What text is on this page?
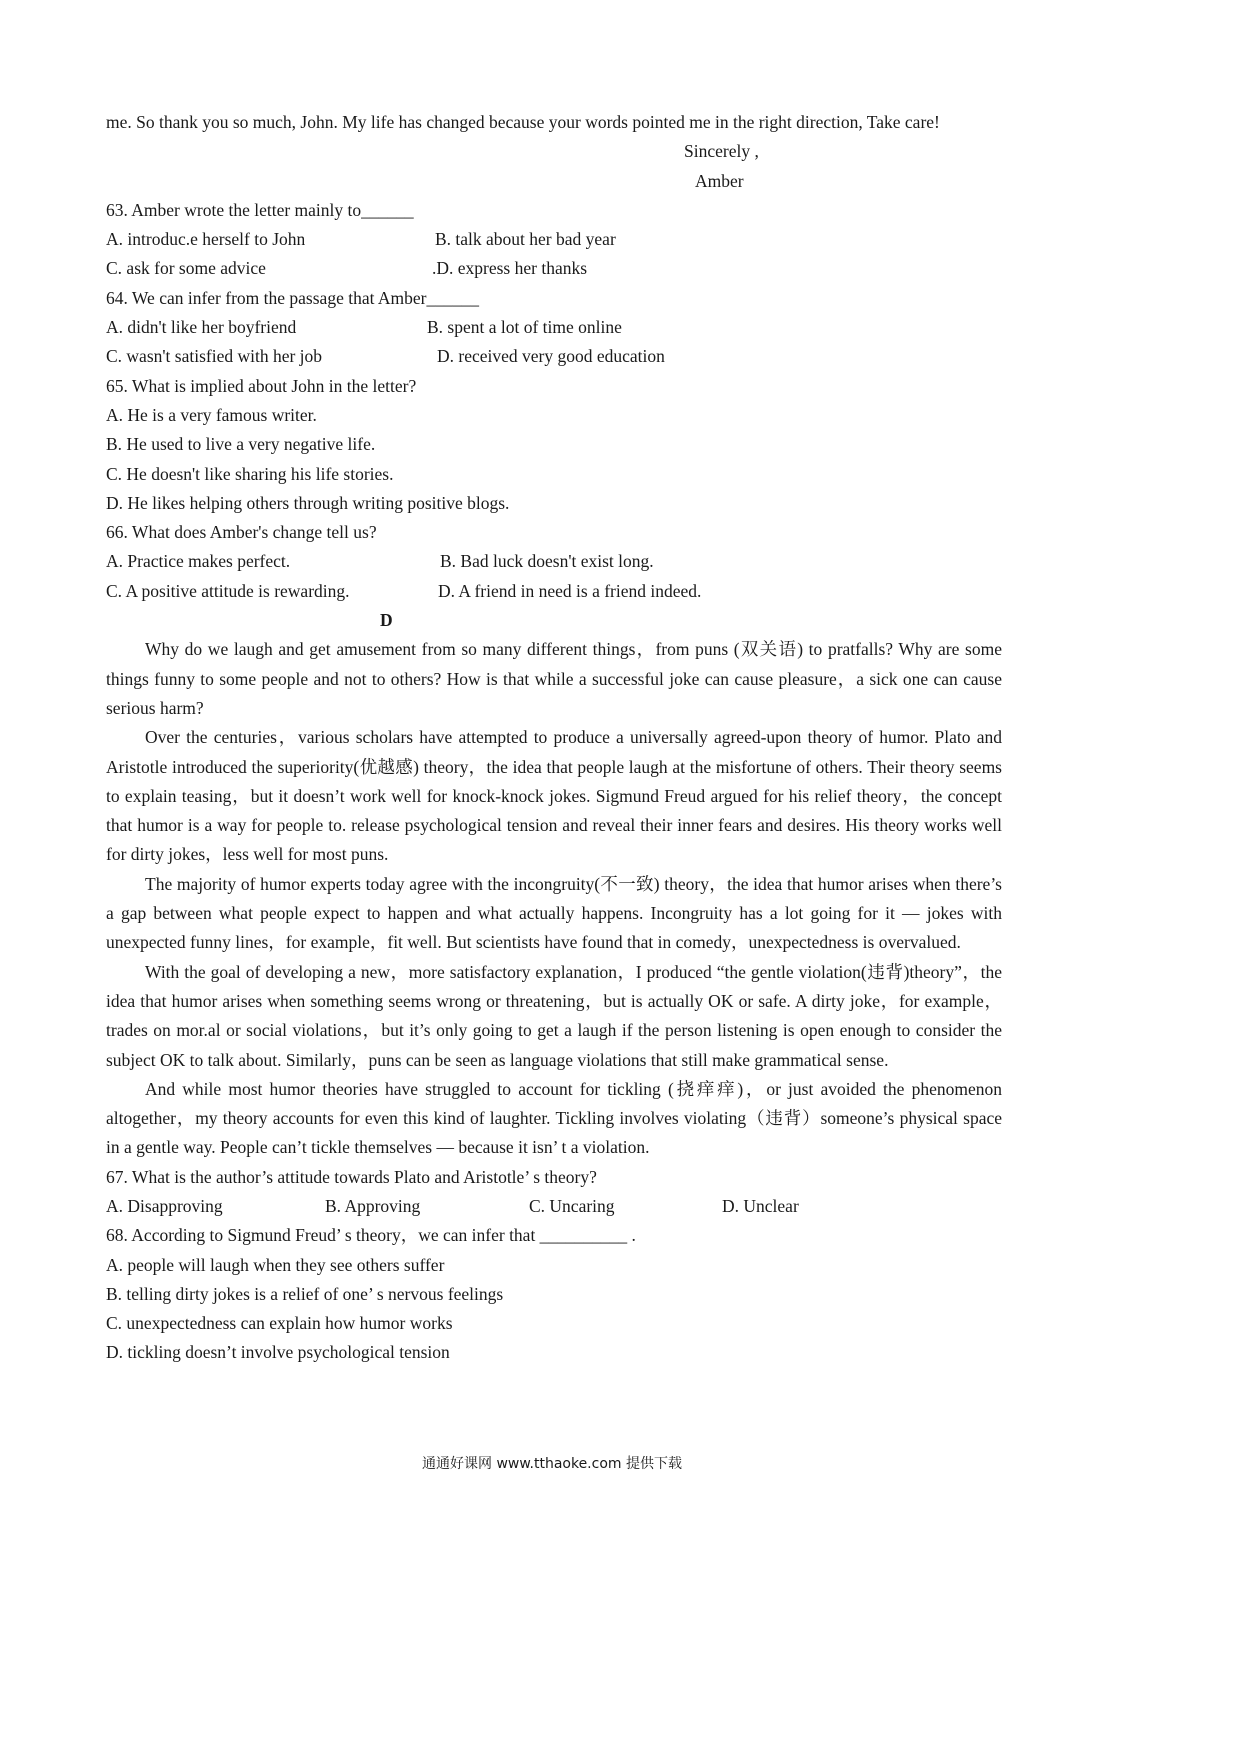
me. So thank you so much, John. My life has changed because your words pointed me in the right direction, Take care!

Sincerely ,

Amber

63. Amber wrote the letter mainly to______

A. introduc.e herself to John	B. talk about her bad year
C. ask for some advice	.D. express her thanks

64. We can infer from the passage that Amber______

A. didn't like her boyfriend	B. spent a lot of time online
C. wasn't satisfied with her job	D. received very good education

65. What is implied about John in the letter?

A. He is a very famous writer.

B. He used to live a very negative life.

C. He doesn't like sharing his life stories.

D. He likes helping others through writing positive blogs.

66. What does Amber's change tell us?

A. Practice makes perfect.	B. Bad luck doesn't exist long.
C. A positive attitude is rewarding.	D. A friend in need is a friend indeed.

D

Why do we laugh and get amusement from so many different things，from puns (双关语) to pratfalls? Why are some things funny to some people and not to others? How is that while a successful joke can cause pleasure，a sick one can cause serious harm?

Over the centuries，various scholars have attempted to produce a universally agreed-upon theory of humor. Plato and Aristotle introduced the superiority(优越感) theory，the idea that people laugh at the misfortune of others. Their theory seems to explain teasing，but it doesn’t work well for knock-knock jokes. Sigmund Freud argued for his relief theory，the concept that humor is a way for people to. release psychological tension and reveal their inner fears and desires. His theory works well for dirty jokes，less well for most puns.

The majority of humor experts today agree with the incongruity(不一致) theory，the idea that humor arises when there’s a gap between what people expect to happen and what actually happens. Incongruity has a lot going for it — jokes with unexpected funny lines，for example，fit well. But scientists have found that in comedy，unexpectedness is overvalued.

With the goal of developing a new，more satisfactory explanation，I produced “the gentle violation(违背)theory”，the idea that humor arises when something seems wrong or threatening，but is actually OK or safe. A dirty joke，for example，trades on mor.al or social violations，but it’s only going to get a laugh if the person listening is open enough to consider the subject OK to talk about. Similarly，puns can be seen as language violations that still make grammatical sense.

And while most humor theories have struggled to account for tickling (挠痒痒)，or just avoided the phenomenon altogether，my theory accounts for even this kind of laughter. Tickling involves violating（违背）someone’s physical space in a gentle way. People can’t tickle themselves — because it isn’ t a violation.

67. What is the author’s attitude towards Plato and Aristotle’ s theory?

A. Disapproving	B. Approving	C. Uncaring	D. Unclear

68. According to Sigmund Freud’ s theory，we can infer that __________ .

A. people will laugh when they see others suffer

B. telling dirty jokes is a relief of one’ s nervous feelings

C. unexpectedness can explain how humor works

D. tickling doesn’t involve psychological tension

通通好课网 www.tthaoke.com 提供下载
